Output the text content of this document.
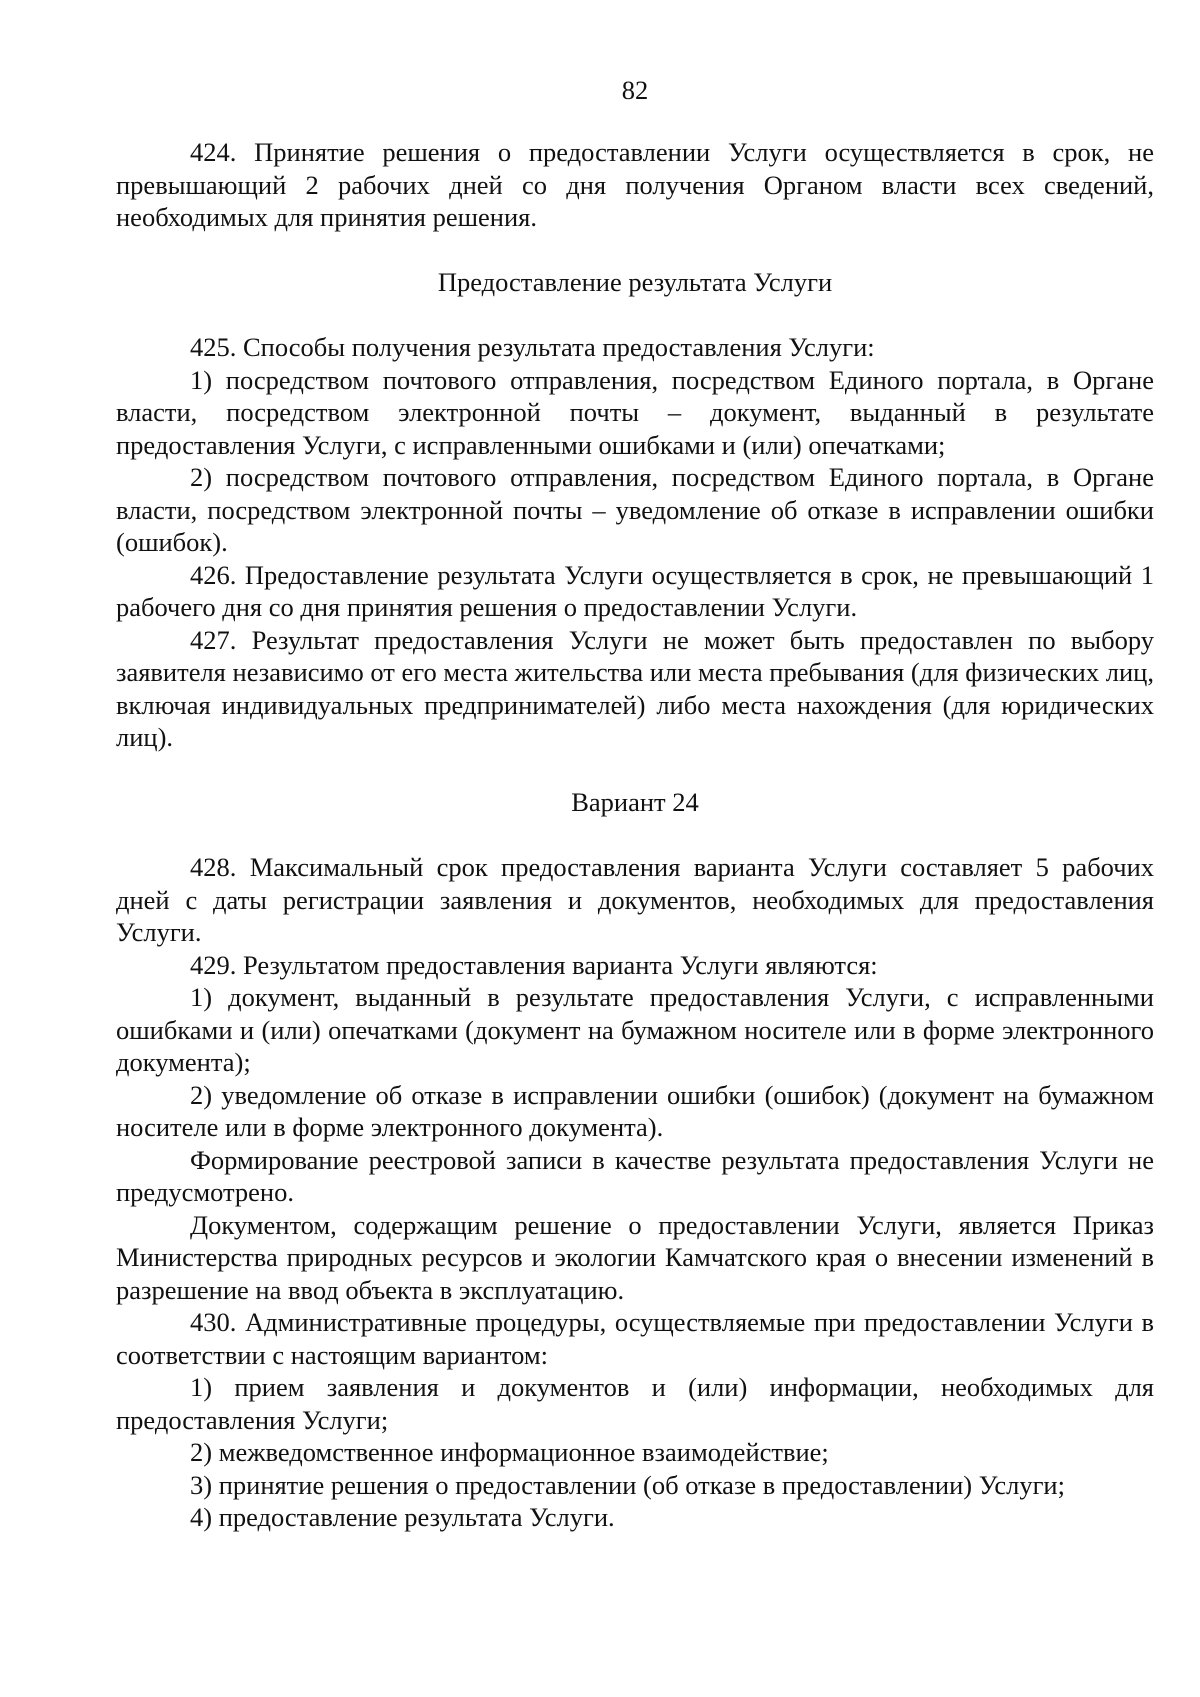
82

424. Принятие решения о предоставлении Услуги осуществляется в срок, не превышающий 2 рабочих дней со дня получения Органом власти всех сведений, необходимых для принятия решения.

Предоставление результата Услуги

425. Способы получения результата предоставления Услуги:

1) посредством почтового отправления, посредством Единого портала, в Органе власти, посредством электронной почты – документ, выданный в результате предоставления Услуги, с исправленными ошибками и (или) опечатками;

2) посредством почтового отправления, посредством Единого портала, в Органе власти, посредством электронной почты – уведомление об отказе в исправлении ошибки (ошибок).

426. Предоставление результата Услуги осуществляется в срок, не превышающий 1 рабочего дня со дня принятия решения о предоставлении Услуги.

427. Результат предоставления Услуги не может быть предоставлен по выбору заявителя независимо от его места жительства или места пребывания (для физических лиц, включая индивидуальных предпринимателей) либо места нахождения (для юридических лиц).

Вариант 24

428. Максимальный срок предоставления варианта Услуги составляет 5 рабочих дней с даты регистрации заявления и документов, необходимых для предоставления Услуги.

429. Результатом предоставления варианта Услуги являются:

1) документ, выданный в результате предоставления Услуги, с исправленными ошибками и (или) опечатками (документ на бумажном носителе или в форме электронного документа);

2) уведомление об отказе в исправлении ошибки (ошибок) (документ на бумажном носителе или в форме электронного документа).

Формирование реестровой записи в качестве результата предоставления Услуги не предусмотрено.

Документом, содержащим решение о предоставлении Услуги, является Приказ Министерства природных ресурсов и экологии Камчатского края о внесении изменений в разрешение на ввод объекта в эксплуатацию.

430. Административные процедуры, осуществляемые при предоставлении Услуги в соответствии с настоящим вариантом:

1) прием заявления и документов и (или) информации, необходимых для предоставления Услуги;

2) межведомственное информационное взаимодействие;

3) принятие решения о предоставлении (об отказе в предоставлении) Услуги;

4) предоставление результата Услуги.
